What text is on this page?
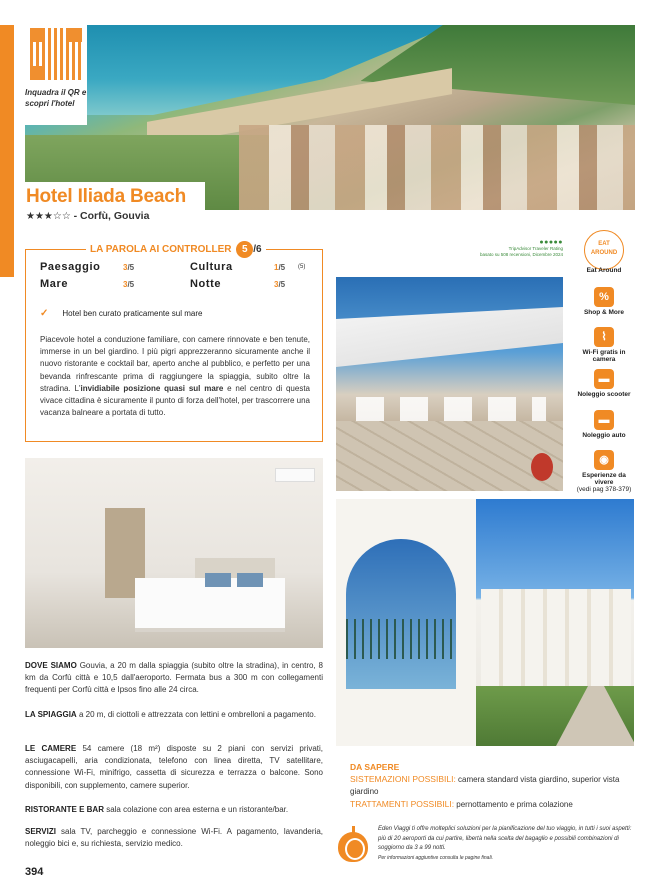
Inquadra il QR e scopri l'hotel
Hotel Iliada Beach
★★★☆☆ - Corfù, Gouvia
LA PAROLA AI CONTROLLER 5 /6
Paesaggio	3/5	Cultura	1/5 (5)
Mare	3/5	Notte	3/5
✓ Hotel ben curato praticamente sul mare
Piacevole hotel a conduzione familiare, con camere rinnovate e ben tenute, immerse in un bel giardino. I più pigri apprezzeranno sicuramente anche il nuovo ristorante e cocktail bar, aperto anche al pubblico, e perfetto per una bevanda rinfrescante prima di raggiungere la spiaggia, subito oltre la stradina. L'invidiabile posizione quasi sul mare e nel centro di questa vivace cittadina è sicuramente il punto di forza dell'hotel, per trascorrere una vacanza balneare a portata di tutto.
●●●●●
TripAdvisor Traveler Rating
basato su 508 recensioni, Dicembre 2024
EAT AROUND
Eat Around
%
Shop & More
⌇
Wi-Fi gratis in camera
▬
Noleggio scooter
▬
Noleggio auto
◉
Esperienze da vivere
(vedi pag 378-379)
DOVE SIAMO Gouvia, a 20 m dalla spiaggia (subito oltre la stradina), in centro, 8 km da Corfù città e 10,5 dall'aeroporto. Fermata bus a 300 m con collegamenti frequenti per Corfù città e Ipsos fino alle 24 circa.
LA SPIAGGIA a 20 m, di ciottoli e attrezzata con lettini e ombrelloni a pagamento.
LE CAMERE 54 camere (18 m²) disposte su 2 piani con servizi privati, asciugacapelli, aria condizionata, telefono con linea diretta, TV satellitare, connessione Wi-Fi, minifrigo, cassetta di sicurezza e terrazza o balcone. Sono disponibili, con supplemento, camere superior.
RISTORANTE E BAR sala colazione con area esterna e un ristorante/bar.
SERVIZI sala TV, parcheggio e connessione Wi-Fi. A pagamento, lavanderia, noleggio bici e, su richiesta, servizio medico.
DA SAPERE
SISTEMAZIONI POSSIBILI: camera standard vista giardino, superior vista giardino
TRATTAMENTI POSSIBILI: pernottamento e prima colazione
Eden Viaggi ti offre molteplici soluzioni per la pianificazione del tuo viaggio, in tutti i suoi aspetti: più di 20 aeroporti da cui partire, libertà nella scelta del bagaglio e possibili combinazioni di soggiorno da 3 a 99 notti.
Per informazioni aggiuntive consulta le pagine finali.
394
